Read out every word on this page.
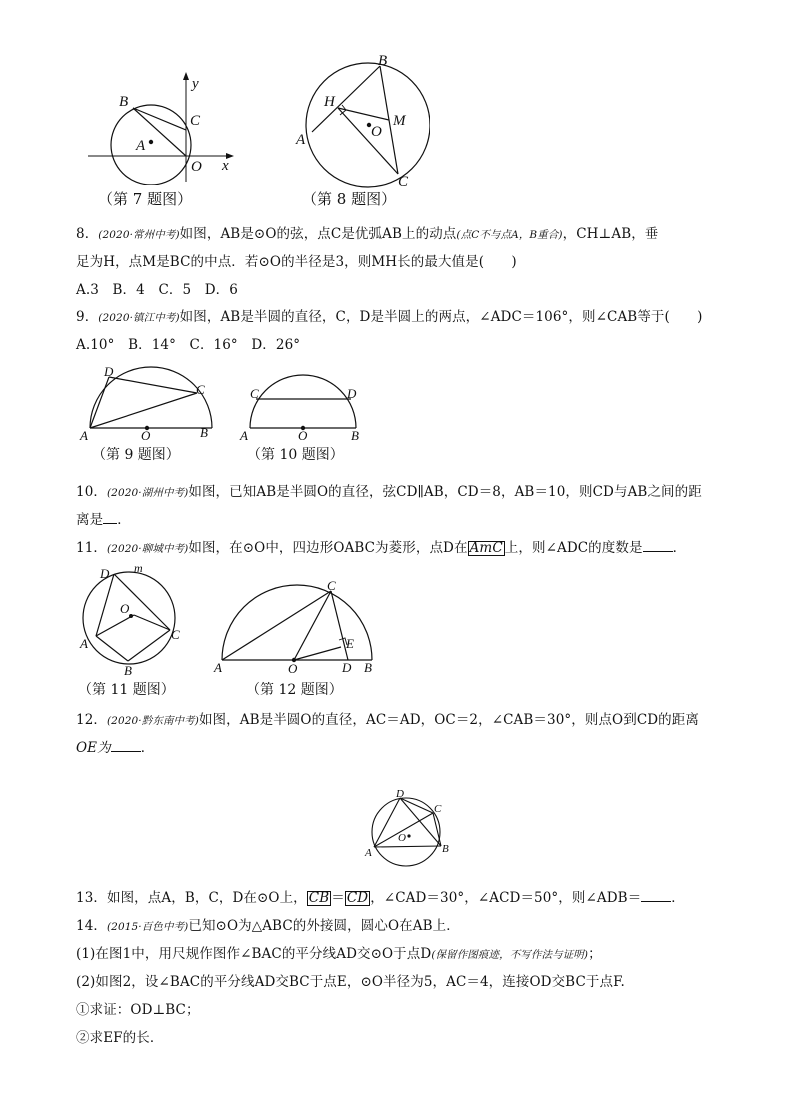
y
x
B
C
A
O
（第 7 题图）
B
H
M
O
A
C
（第 8 题图）
8．(2020·常州中考)如图，AB是⊙O的弦，点C是优弧AB上的动点(点C不与点A，B重合)，CH⊥AB，垂
足为H，点M是BC的中点．若⊙O的半径是3，则MH长的最大值是(　　)
A.3　B．4　C．5　D．6
9．(2020·镇江中考)如图，AB是半圆的直径，C，D是半圆上的两点，∠ADC＝106°，则∠CAB等于(　　)
A.10°　B．14°　C．16°　D．26°
D
C
A	O	B
（第 9 题图）
C	D
A	O	B
（第 10 题图）
10．(2020·湖州中考)如图，已知AB是半圆O的直径，弦CD∥AB，CD＝8，AB＝10，则CD与AB之间的距
离是 ．
11．(2020·聊城中考)如图，在⊙O中，四边形OABC为菱形，点D在 AmC 上，则∠ADC的度数是 ．
D m
O
C
A
B
（第 11 题图）
C
E
A	O	D B
（第 12 题图）
12．(2020·黔东南中考)如图，AB是半圆O的直径，AC＝AD，OC＝2，∠CAB＝30°，则点O到CD的距离
OE为 ．
D
C
O
A	B
13．如图，点A，B，C，D在⊙O上， CB ＝ CD ，∠CAD＝30°，∠ACD＝50°，则∠ADB＝ ．
14．(2015·百色中考)已知⊙O为△ABC的外接圆，圆心O在AB上．
(1)在图1中，用尺规作图作∠BAC的平分线AD交⊙O于点D(保留作图痕迹，不写作法与证明)；
(2)如图2，设∠BAC的平分线AD交BC于点E，⊙O半径为5，AC＝4，连接OD交BC于点F.
①求证：OD⊥BC；
②求EF的长．
